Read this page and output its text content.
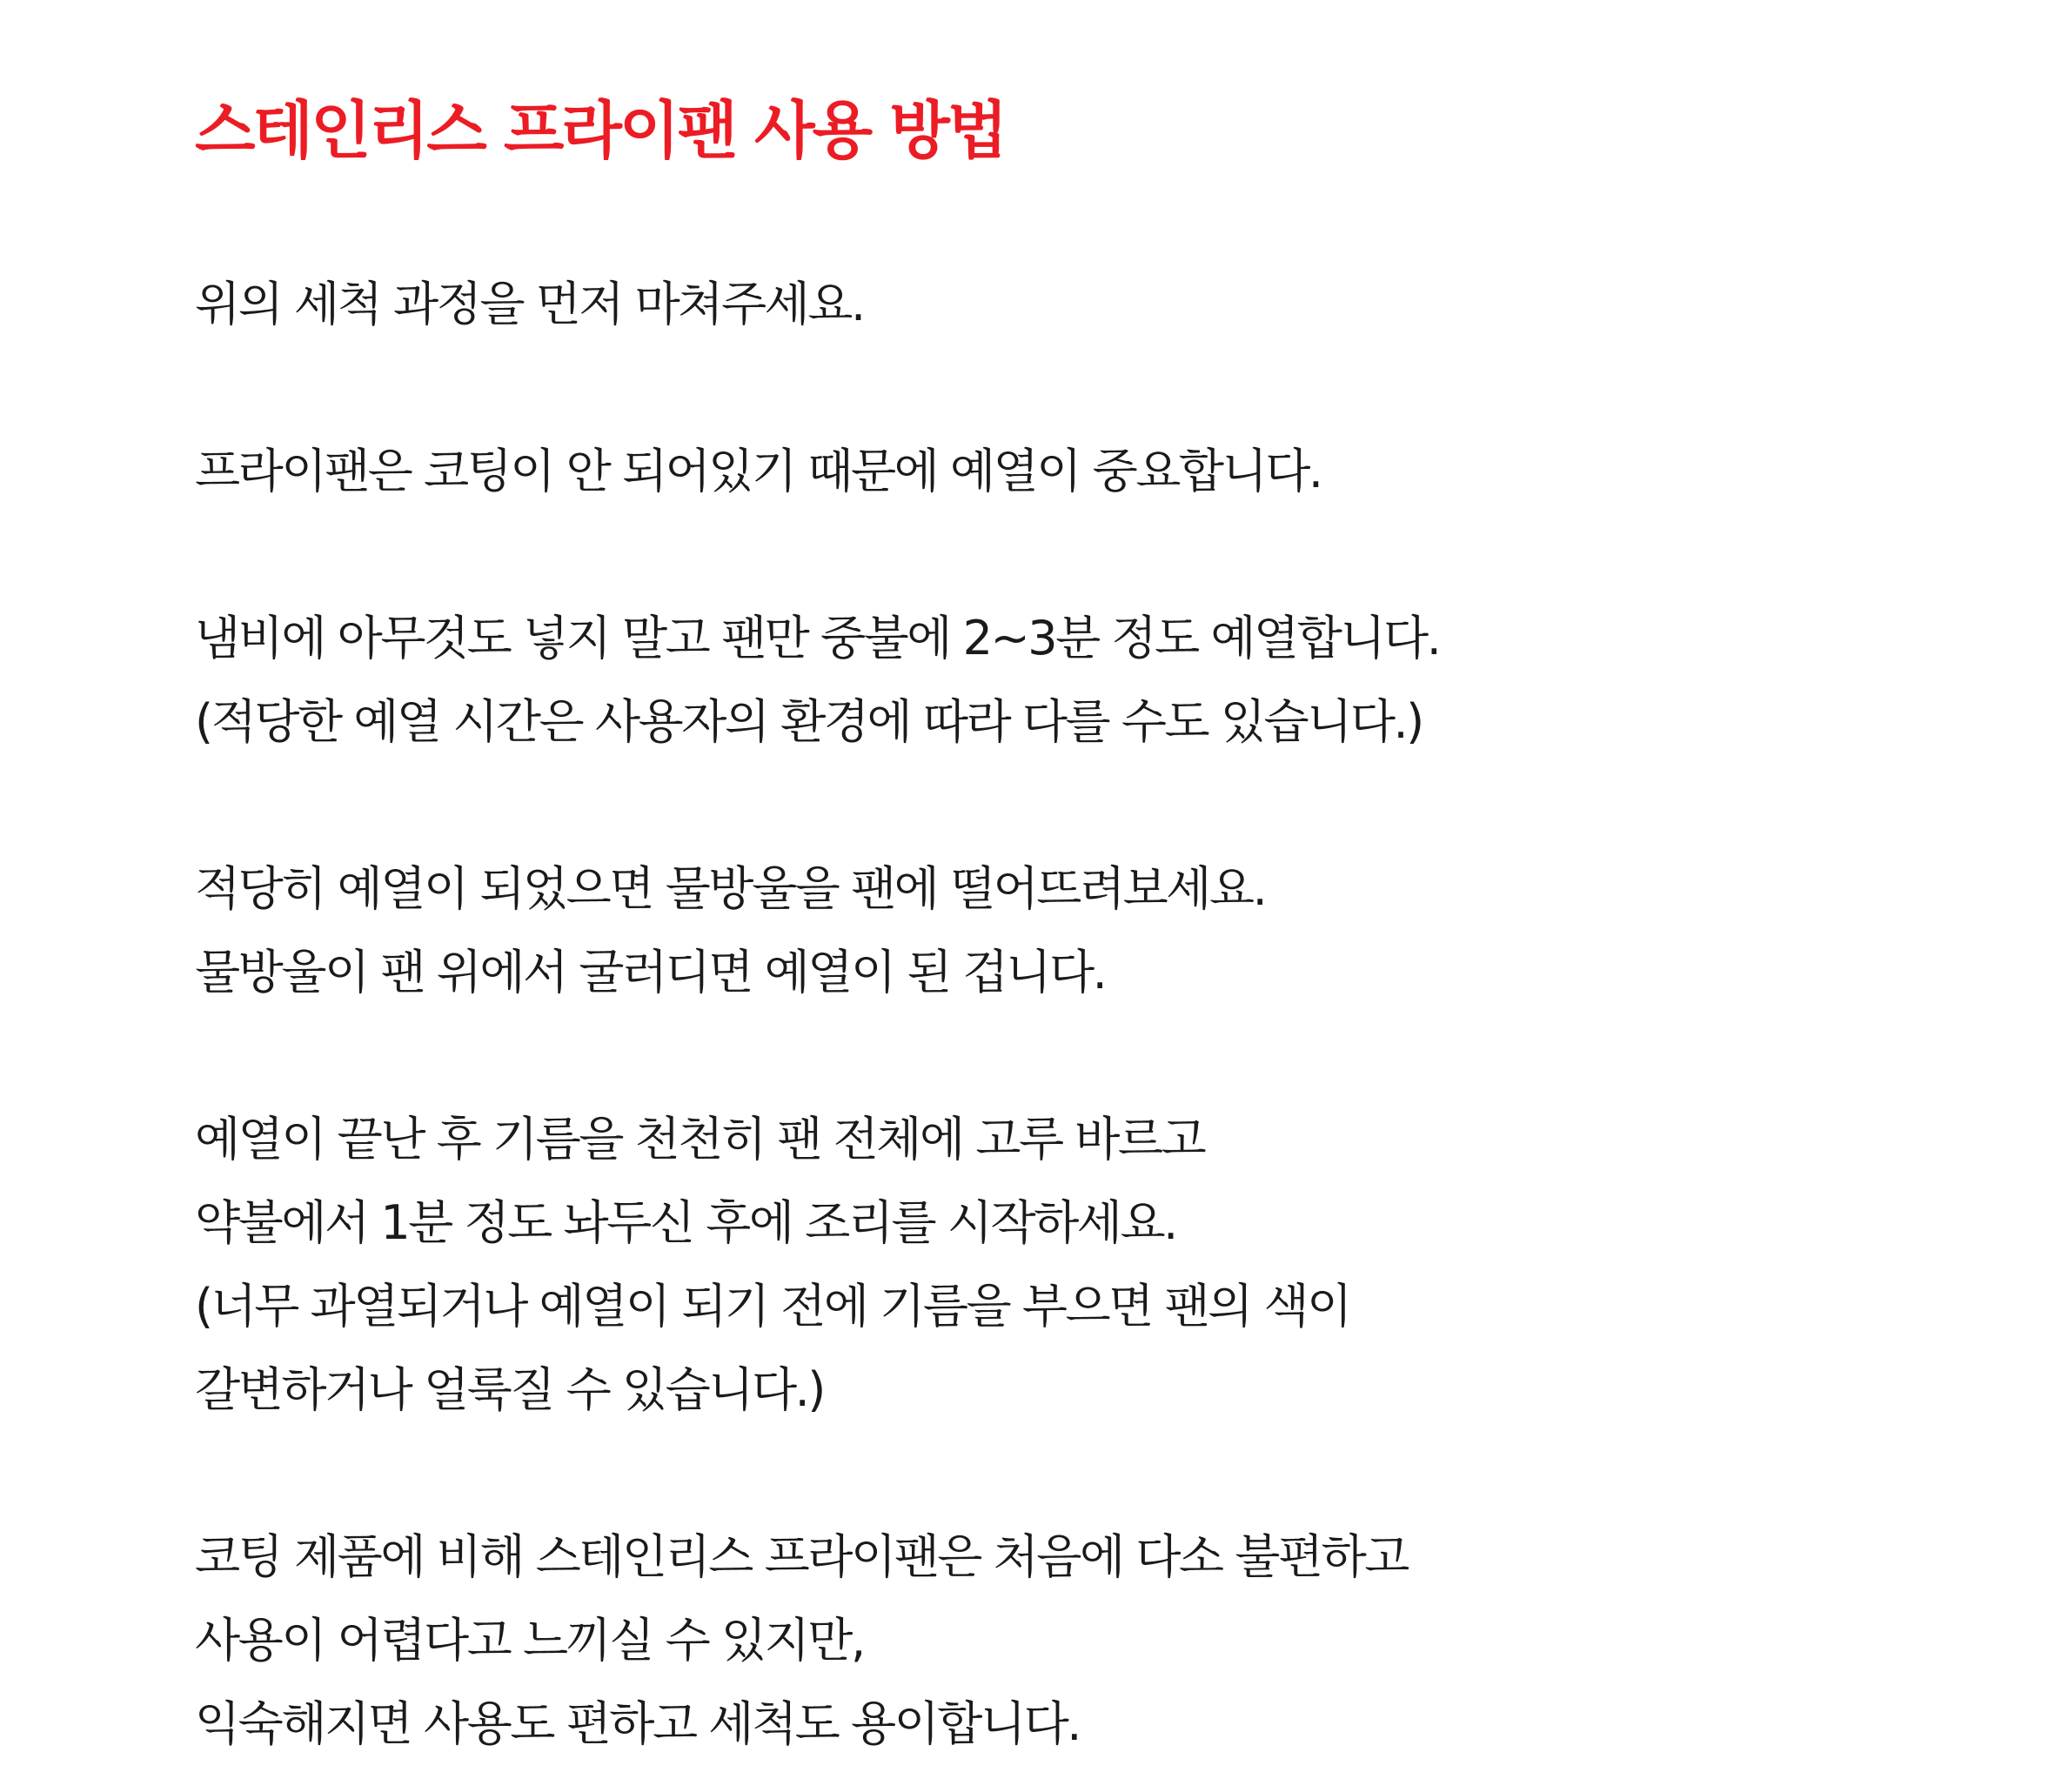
스테인리스 프라이팬 사용 방법

위의 세척 과정을 먼저 마쳐주세요.

프라이팬은 코팅이 안 되어있기 때문에 예열이 중요합니다.

냄비에 아무것도 넣지 말고 팬만 중불에 2~3분 정도 예열합니다.
(적당한 예열 시간은 사용자의 환경에 따라 다를 수도 있습니다.)

적당히 예열이 되었으면 물방울을 팬에 떨어뜨려보세요.
물방울이 팬 위에서 굴러디면 예열이 된 겁니다.

예열이 끝난 후 기름을 천천히 팬 전체에 고루 바르고
약불에서 1분 정도 놔두신 후에 조리를 시작하세요.
(너무 과열되거나 예열이 되기 전에 기름을 부으면 팬의 색이
갈변하거나 얼룩질 수 있습니다.)

코팅 제품에 비해 스테인리스 프라이팬은 처음에 다소 불편하고
사용이 어렵다고 느끼실 수 있지만,
익숙해지면 사용도 편하고 세척도 용이합니다.
